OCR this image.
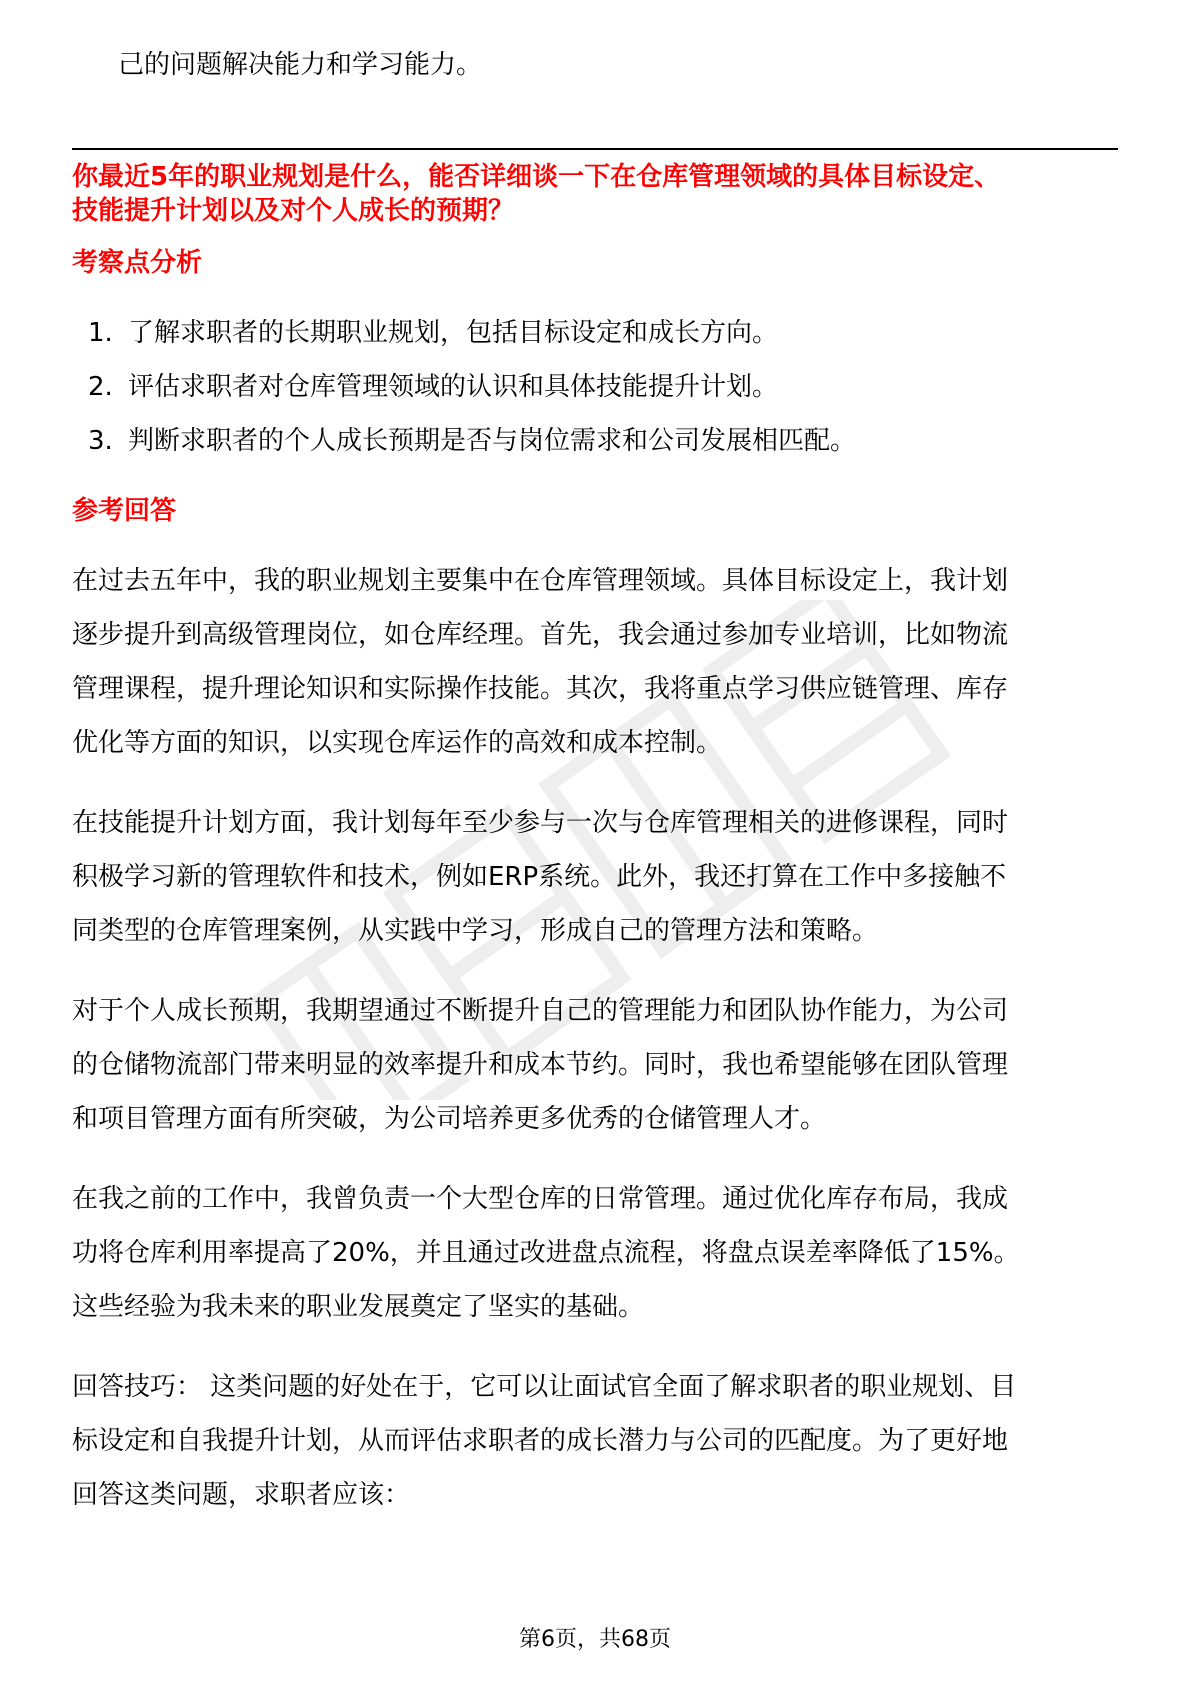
己的问题解决能力和学习能力。
你最近5年的职业规划是什么，能否详细谈一下在仓库管理领域的具体目标设定、
技能提升计划以及对个人成长的预期？
考察点分析
1. 了解求职者的长期职业规划，包括目标设定和成长方向。
2. 评估求职者对仓库管理领域的认识和具体技能提升计划。
3. 判断求职者的个人成长预期是否与岗位需求和公司发展相匹配。
参考回答
在过去五年中，我的职业规划主要集中在仓库管理领域。具体目标设定上，我计划
逐步提升到高级管理岗位，如仓库经理。首先，我会通过参加专业培训，比如物流
管理课程，提升理论知识和实际操作技能。其次，我将重点学习供应链管理、库存
优化等方面的知识，以实现仓库运作的高效和成本控制。
在技能提升计划方面，我计划每年至少参与一次与仓库管理相关的进修课程，同时
积极学习新的管理软件和技术，例如ERP系统。此外，我还打算在工作中多接触不
同类型的仓库管理案例，从实践中学习，形成自己的管理方法和策略。
对于个人成长预期，我期望通过不断提升自己的管理能力和团队协作能力，为公司
的仓储物流部门带来明显的效率提升和成本节约。同时，我也希望能够在团队管理
和项目管理方面有所突破，为公司培养更多优秀的仓储管理人才。
在我之前的工作中，我曾负责一个大型仓库的日常管理。通过优化库存布局，我成
功将仓库利用率提高了20%，并且通过改进盘点流程，将盘点误差率降低了15%。
这些经验为我未来的职业发展奠定了坚实的基础。
回答技巧： 这类问题的好处在于，它可以让面试官全面了解求职者的职业规划、目
标设定和自我提升计划，从而评估求职者的成长潜力与公司的匹配度。为了更好地
回答这类问题，求职者应该：
第6页，共68页
